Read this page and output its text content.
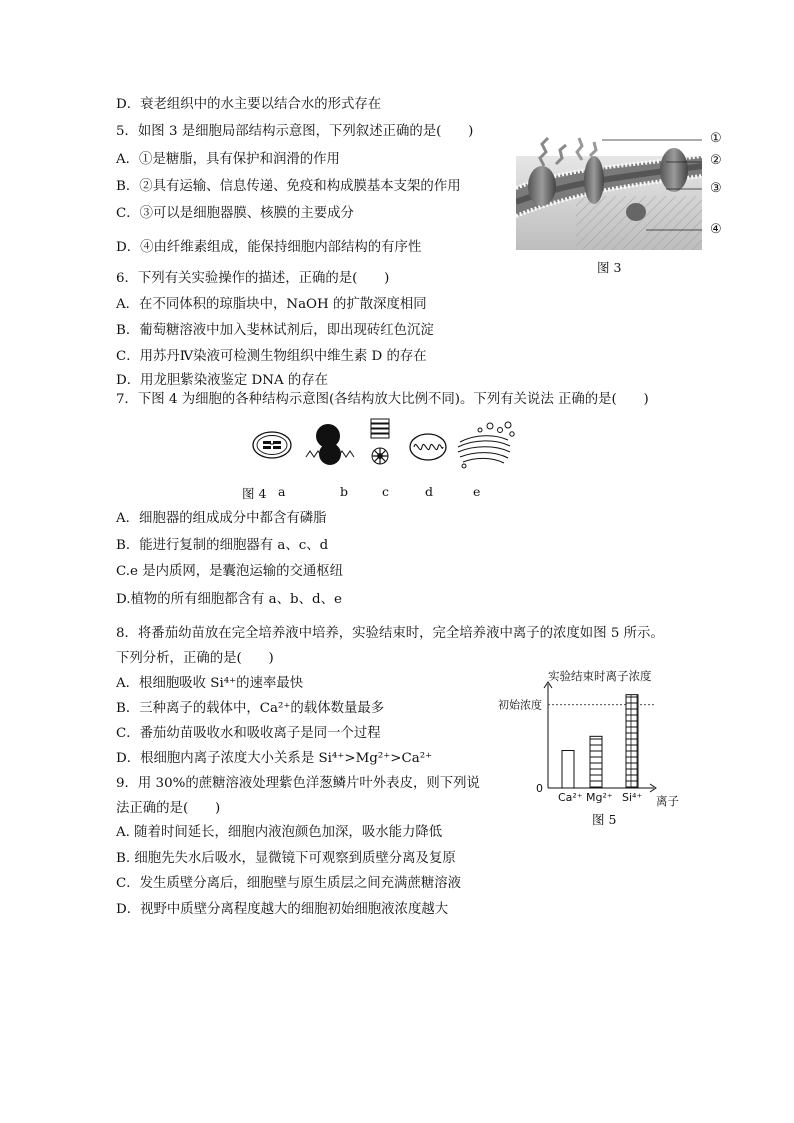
D．衰老组织中的水主要以结合水的形式存在
5．如图 3 是细胞局部结构示意图，下列叙述正确的是(　　)
A．①是糖脂，具有保护和润滑的作用
B．②具有运输、信息传递、免疫和构成膜基本支架的作用
C．③可以是细胞器膜、核膜的主要成分
D．④由纤维素组成，能保持细胞内部结构的有序性
①
②
③
④
图 3
6．下列有关实验操作的描述，正确的是(　　)
A．在不同体积的琼脂块中，NaOH 的扩散深度相同
B．葡萄糖溶液中加入斐林试剂后，即出现砖红色沉淀
C．用苏丹Ⅳ染液可检测生物组织中维生素 D 的存在
D．用龙胆紫染液鉴定 DNA 的存在
7．下图 4 为细胞的各种结构示意图(各结构放大比例不同)。下列有关说法 正确的是(　　)
图 4 a	b	c	d	e
A．细胞器的组成成分中都含有磷脂
B．能进行复制的细胞器有 a、c、d
C.e 是内质网，是囊泡运输的交通枢纽
D.植物的所有细胞都含有 a、b、d、e
8．将番茄幼苗放在完全培养液中培养，实验结束时，完全培养液中离子的浓度如图 5 所示。
下列分析，正确的是(　　)
A．根细胞吸收 Si⁴⁺的速率最快
B．三种离子的载体中，Ca²⁺的载体数量最多
C．番茄幼苗吸收水和吸收离子是同一个过程
D．根细胞内离子浓度大小关系是 Si⁴⁺>Mg²⁺>Ca²⁺
9．用 30%的蔗糖溶液处理紫色洋葱鳞片叶外表皮，则下列说
法正确的是(　　)
A. 随着时间延长，细胞内液泡颜色加深，吸水能力降低
B. 细胞先失水后吸水，显微镜下可观察到质壁分离及复原
C．发生质壁分离后，细胞壁与原生质层之间充满蔗糖溶液
D．视野中质壁分离程度越大的细胞初始细胞液浓度越大
实验结束时离子浓度
初始浓度
0
离子
Ca²⁺ Mg²⁺ Si⁴⁺
图 5
